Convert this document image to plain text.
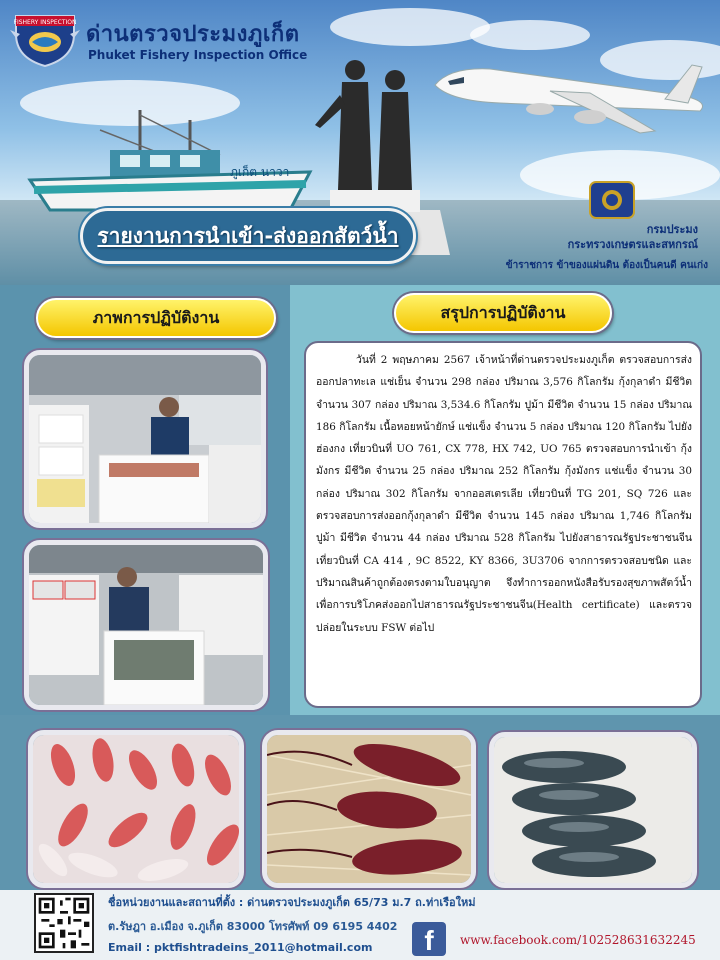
FISHERY INSPECTION ด่านตรวจประมงภูเก็ต
Phuket Fishery Inspection Office
ภูเก็ต นาวา
กรมประมง
กระทรวงเกษตรและสหกรณ์
ข้าราชการ ข้าของแผ่นดิน ต้องเป็นคนดี คนเก่ง
รายงานการนำเข้า-ส่งออกสัตว์น้ำ
ภาพการปฏิบัติงาน	สรุปการปฏิบัติงาน
วันที่ 2 พฤษภาคม 2567 เจ้าหน้าที่ด่านตรวจประมงภูเก็ต ตรวจสอบการส่งออกปลาทะเล แช่เย็น จำนวน 298 กล่อง ปริมาณ 3,576 กิโลกรัม กุ้งกุลาดำ มีชีวิต จำนวน 307 กล่อง ปริมาณ 3,534.6 กิโลกรัม ปูม้า มีชีวิต จำนวน 15 กล่อง ปริมาณ 186 กิโลกรัม เนื้อหอยหน้ายักษ์ แช่แข็ง จำนวน 5 กล่อง ปริมาณ 120 กิโลกรัม ไปยังฮ่องกง เที่ยวบินที่ UO 761, CX 778, HX 742, UO 765 ตรวจสอบการนำเข้า กุ้งมังกร มีชีวิต จำนวน 25 กล่อง ปริมาณ 252 กิโลกรัม กุ้งมังกร แช่แข็ง จำนวน 30 กล่อง ปริมาณ 302 กิโลกรัม จากออสเตรเลีย เที่ยวบินที่ TG 201, SQ 726 และตรวจสอบการส่งออกกุ้งกุลาดำ มีชีวิต จำนวน 145 กล่อง ปริมาณ 1,746 กิโลกรัม ปูม้า มีชีวิต จำนวน 44 กล่อง ปริมาณ 528 กิโลกรัม ไปยังสาธารณรัฐประชาชนจีน เที่ยวบินที่ CA 414 , 9C 8522, KY 8366, 3U3706 จากการตรวจสอบชนิด และปริมาณสินค้าถูกต้องตรงตามใบอนุญาต จึงทำการออกหนังสือรับรองสุขภาพสัตว์น้ำเพื่อการบริโภคส่งออกไปสาธารณรัฐประชาชนจีน(Health certificate) และตรวจปล่อยในระบบ FSW ต่อไป
ชื่อหน่วยงานและสถานที่ตั้ง : ด่านตรวจประมงภูเก็ต 65/73 ม.7 ถ.ท่าเรือใหม่
ต.รัษฎา อ.เมือง จ.ภูเก็ต 83000 โทรศัพท์ 09 6195 4402
Email : pktfishtradeins_2011@hotmail.com	f	www.facebook.com/102528631632245
